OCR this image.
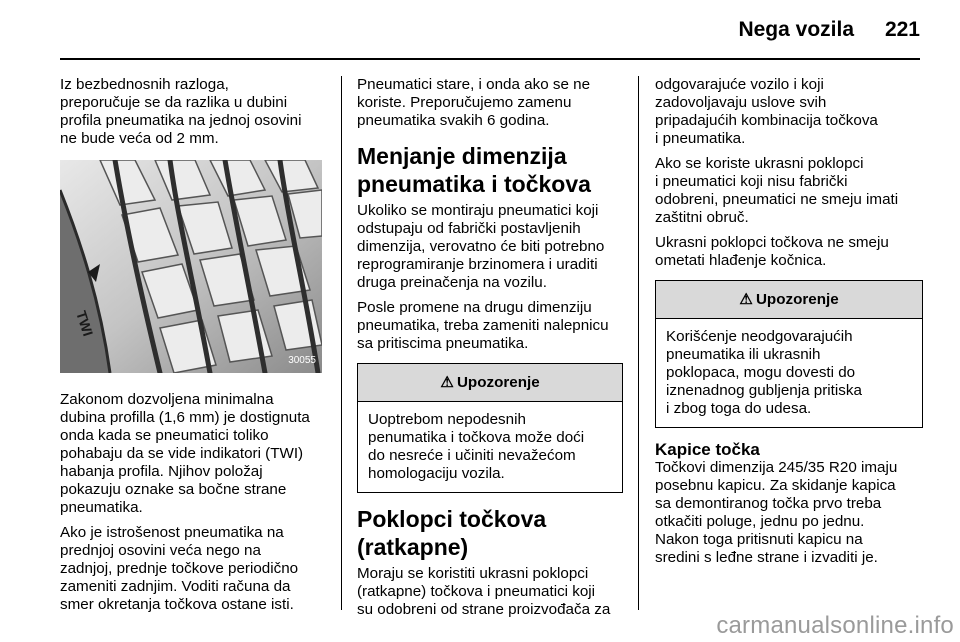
Nega vozila 221

Iz bezbednosnih razloga,
preporučuje se da razlika u dubini
profila pneumatika na jednoj osovini
ne bude veća od 2 mm.

TWI
30055

Zakonom dozvoljena minimalna
dubina profilla (1,6 mm) je dostignuta
onda kada se pneumatici toliko
pohabaju da se vide indikatori (TWI)
habanja profila. Njihov položaj
pokazuju oznake sa bočne strane
pneumatika.

Ako je istrošenost pneumatika na
prednjoj osovini veća nego na
zadnjoj, prednje točkove periodično
zameniti zadnjim. Voditi računa da
smer okretanja točkova ostane isti.

Pneumatici stare, i onda ako se ne
koriste. Preporučujemo zamenu
pneumatika svakih 6 godina.

Menjanje dimenzija
pneumatika i točkova

Ukoliko se montiraju pneumatici koji
odstupaju od fabrički postavljenih
dimenzija, verovatno će biti potrebno
reprogramiranje brzinomera i uraditi
druga preinačenja na vozilu.

Posle promene na drugu dimenziju
pneumatika, treba zameniti nalepnicu
sa pritiscima pneumatika.

⚠ Upozorenje
Uoptrebom nepodesnih
penumatika i točkova može doći
do nesreće i učiniti nevažećom
homologaciju vozila.
Poklopci točkova
(ratkapne)

Moraju se koristiti ukrasni poklopci
(ratkapne) točkova i pneumatici koji
su odobreni od strane proizvođača za

odgovarajuće vozilo i koji
zadovoljavaju uslove svih
pripadajućih kombinacija točkova
i pneumatika.

Ako se koriste ukrasni poklopci
i pneumatici koji nisu fabrički
odobreni, pneumatici ne smeju imati
zaštitni obruč.

Ukrasni poklopci točkova ne smeju
ometati hlađenje kočnica.

⚠ Upozorenje
Korišćenje neodgovarajućih
pneumatika ili ukrasnih
poklopaca, mogu dovesti do
iznenadnog gubljenja pritiska
i zbog toga do udesa.
Kapice točka

Točkovi dimenzija 245/35 R20 imaju
posebnu kapicu. Za skidanje kapica
sa demontiranog točka prvo treba
otkačiti poluge, jednu po jednu.
Nakon toga pritisnuti kapicu na
sredini s leđne strane i izvaditi je.

carmanualsonline.info
